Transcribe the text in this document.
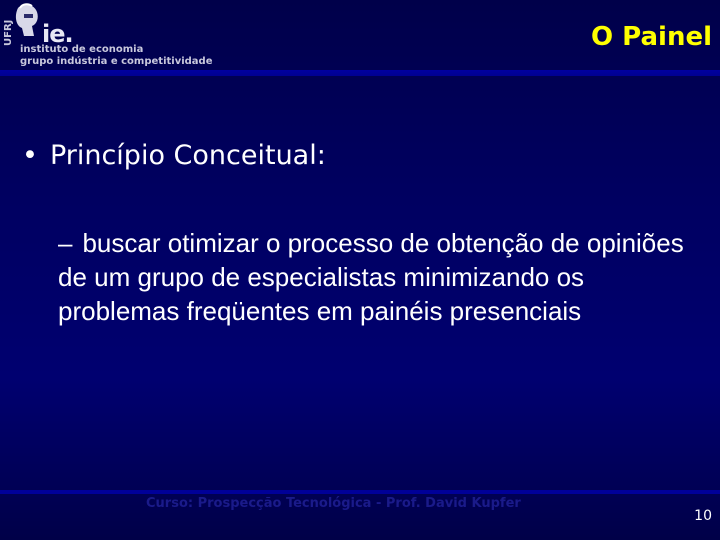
UFRJ ie.
instituto de economia
grupo indústria e competitividade
O Painel
• Princípio Conceitual:
– buscar otimizar o processo de obtenção de opiniões de um grupo de especialistas minimizando os problemas freqüentes em painéis presenciais
Curso: Prospecção Tecnológica - Prof. David Kupfer
10
